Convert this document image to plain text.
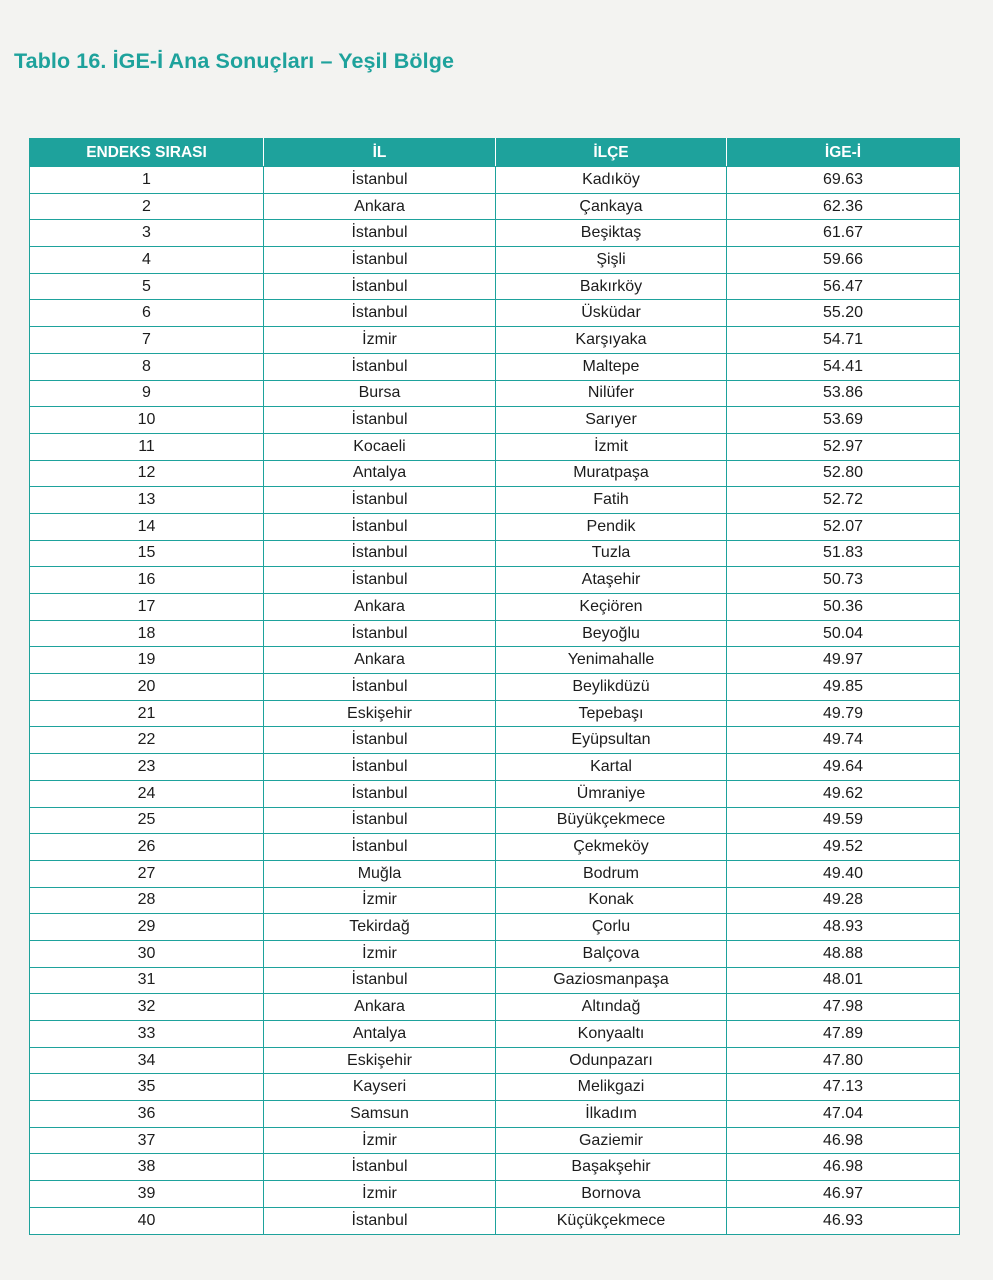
Tablo 16. İGE-İ Ana Sonuçları – Yeşil Bölge
ENDEKS SIRASI	İL	İLÇE	İGE-İ
1	İstanbul	Kadıköy	69.63
2	Ankara	Çankaya	62.36
3	İstanbul	Beşiktaş	61.67
4	İstanbul	Şişli	59.66
5	İstanbul	Bakırköy	56.47
6	İstanbul	Üsküdar	55.20
7	İzmir	Karşıyaka	54.71
8	İstanbul	Maltepe	54.41
9	Bursa	Nilüfer	53.86
10	İstanbul	Sarıyer	53.69
11	Kocaeli	İzmit	52.97
12	Antalya	Muratpaşa	52.80
13	İstanbul	Fatih	52.72
14	İstanbul	Pendik	52.07
15	İstanbul	Tuzla	51.83
16	İstanbul	Ataşehir	50.73
17	Ankara	Keçiören	50.36
18	İstanbul	Beyoğlu	50.04
19	Ankara	Yenimahalle	49.97
20	İstanbul	Beylikdüzü	49.85
21	Eskişehir	Tepebaşı	49.79
22	İstanbul	Eyüpsultan	49.74
23	İstanbul	Kartal	49.64
24	İstanbul	Ümraniye	49.62
25	İstanbul	Büyükçekmece	49.59
26	İstanbul	Çekmeköy	49.52
27	Muğla	Bodrum	49.40
28	İzmir	Konak	49.28
29	Tekirdağ	Çorlu	48.93
30	İzmir	Balçova	48.88
31	İstanbul	Gaziosmanpaşa	48.01
32	Ankara	Altındağ	47.98
33	Antalya	Konyaaltı	47.89
34	Eskişehir	Odunpazarı	47.80
35	Kayseri	Melikgazi	47.13
36	Samsun	İlkadım	47.04
37	İzmir	Gaziemir	46.98
38	İstanbul	Başakşehir	46.98
39	İzmir	Bornova	46.97
40	İstanbul	Küçükçekmece	46.93
